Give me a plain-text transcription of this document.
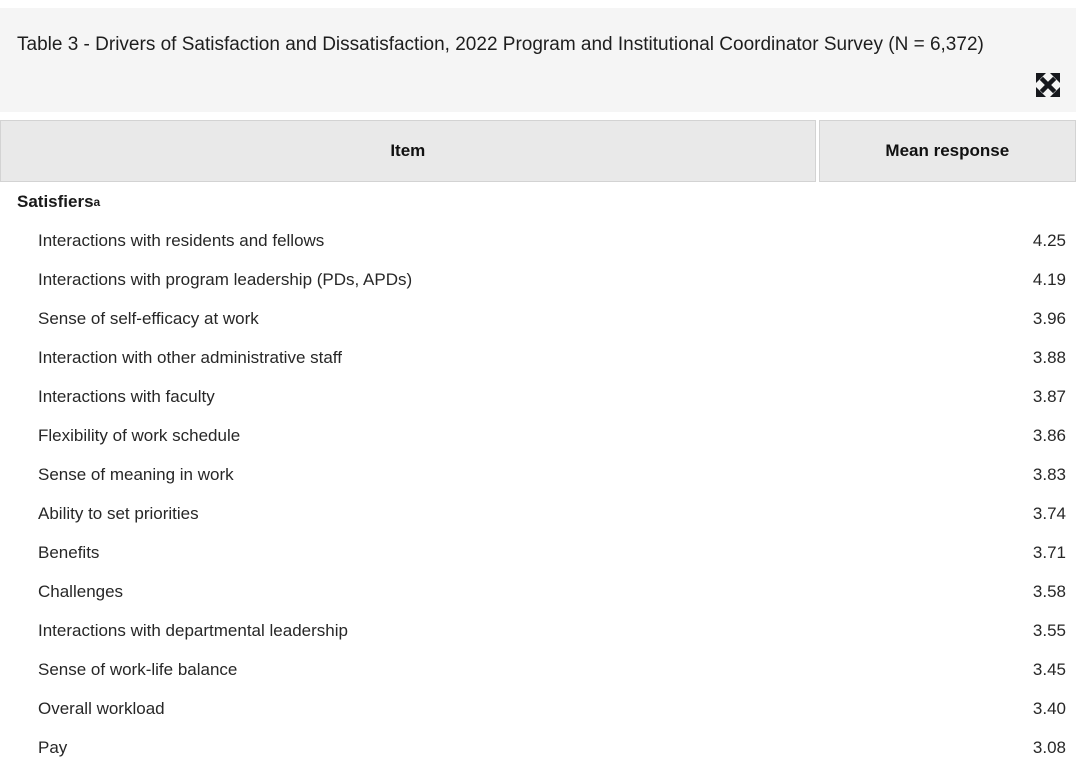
Table 3 - Drivers of Satisfaction and Dissatisfaction, 2022 Program and Institutional Coordinator Survey (N = 6,372)
Item	Mean response
Satisfiers a
Interactions with residents and fellows	4.25
Interactions with program leadership (PDs, APDs)	4.19
Sense of self-efficacy at work	3.96
Interaction with other administrative staff	3.88
Interactions with faculty	3.87
Flexibility of work schedule	3.86
Sense of meaning in work	3.83
Ability to set priorities	3.74
Benefits	3.71
Challenges	3.58
Interactions with departmental leadership	3.55
Sense of work-life balance	3.45
Overall workload	3.40
Pay	3.08
